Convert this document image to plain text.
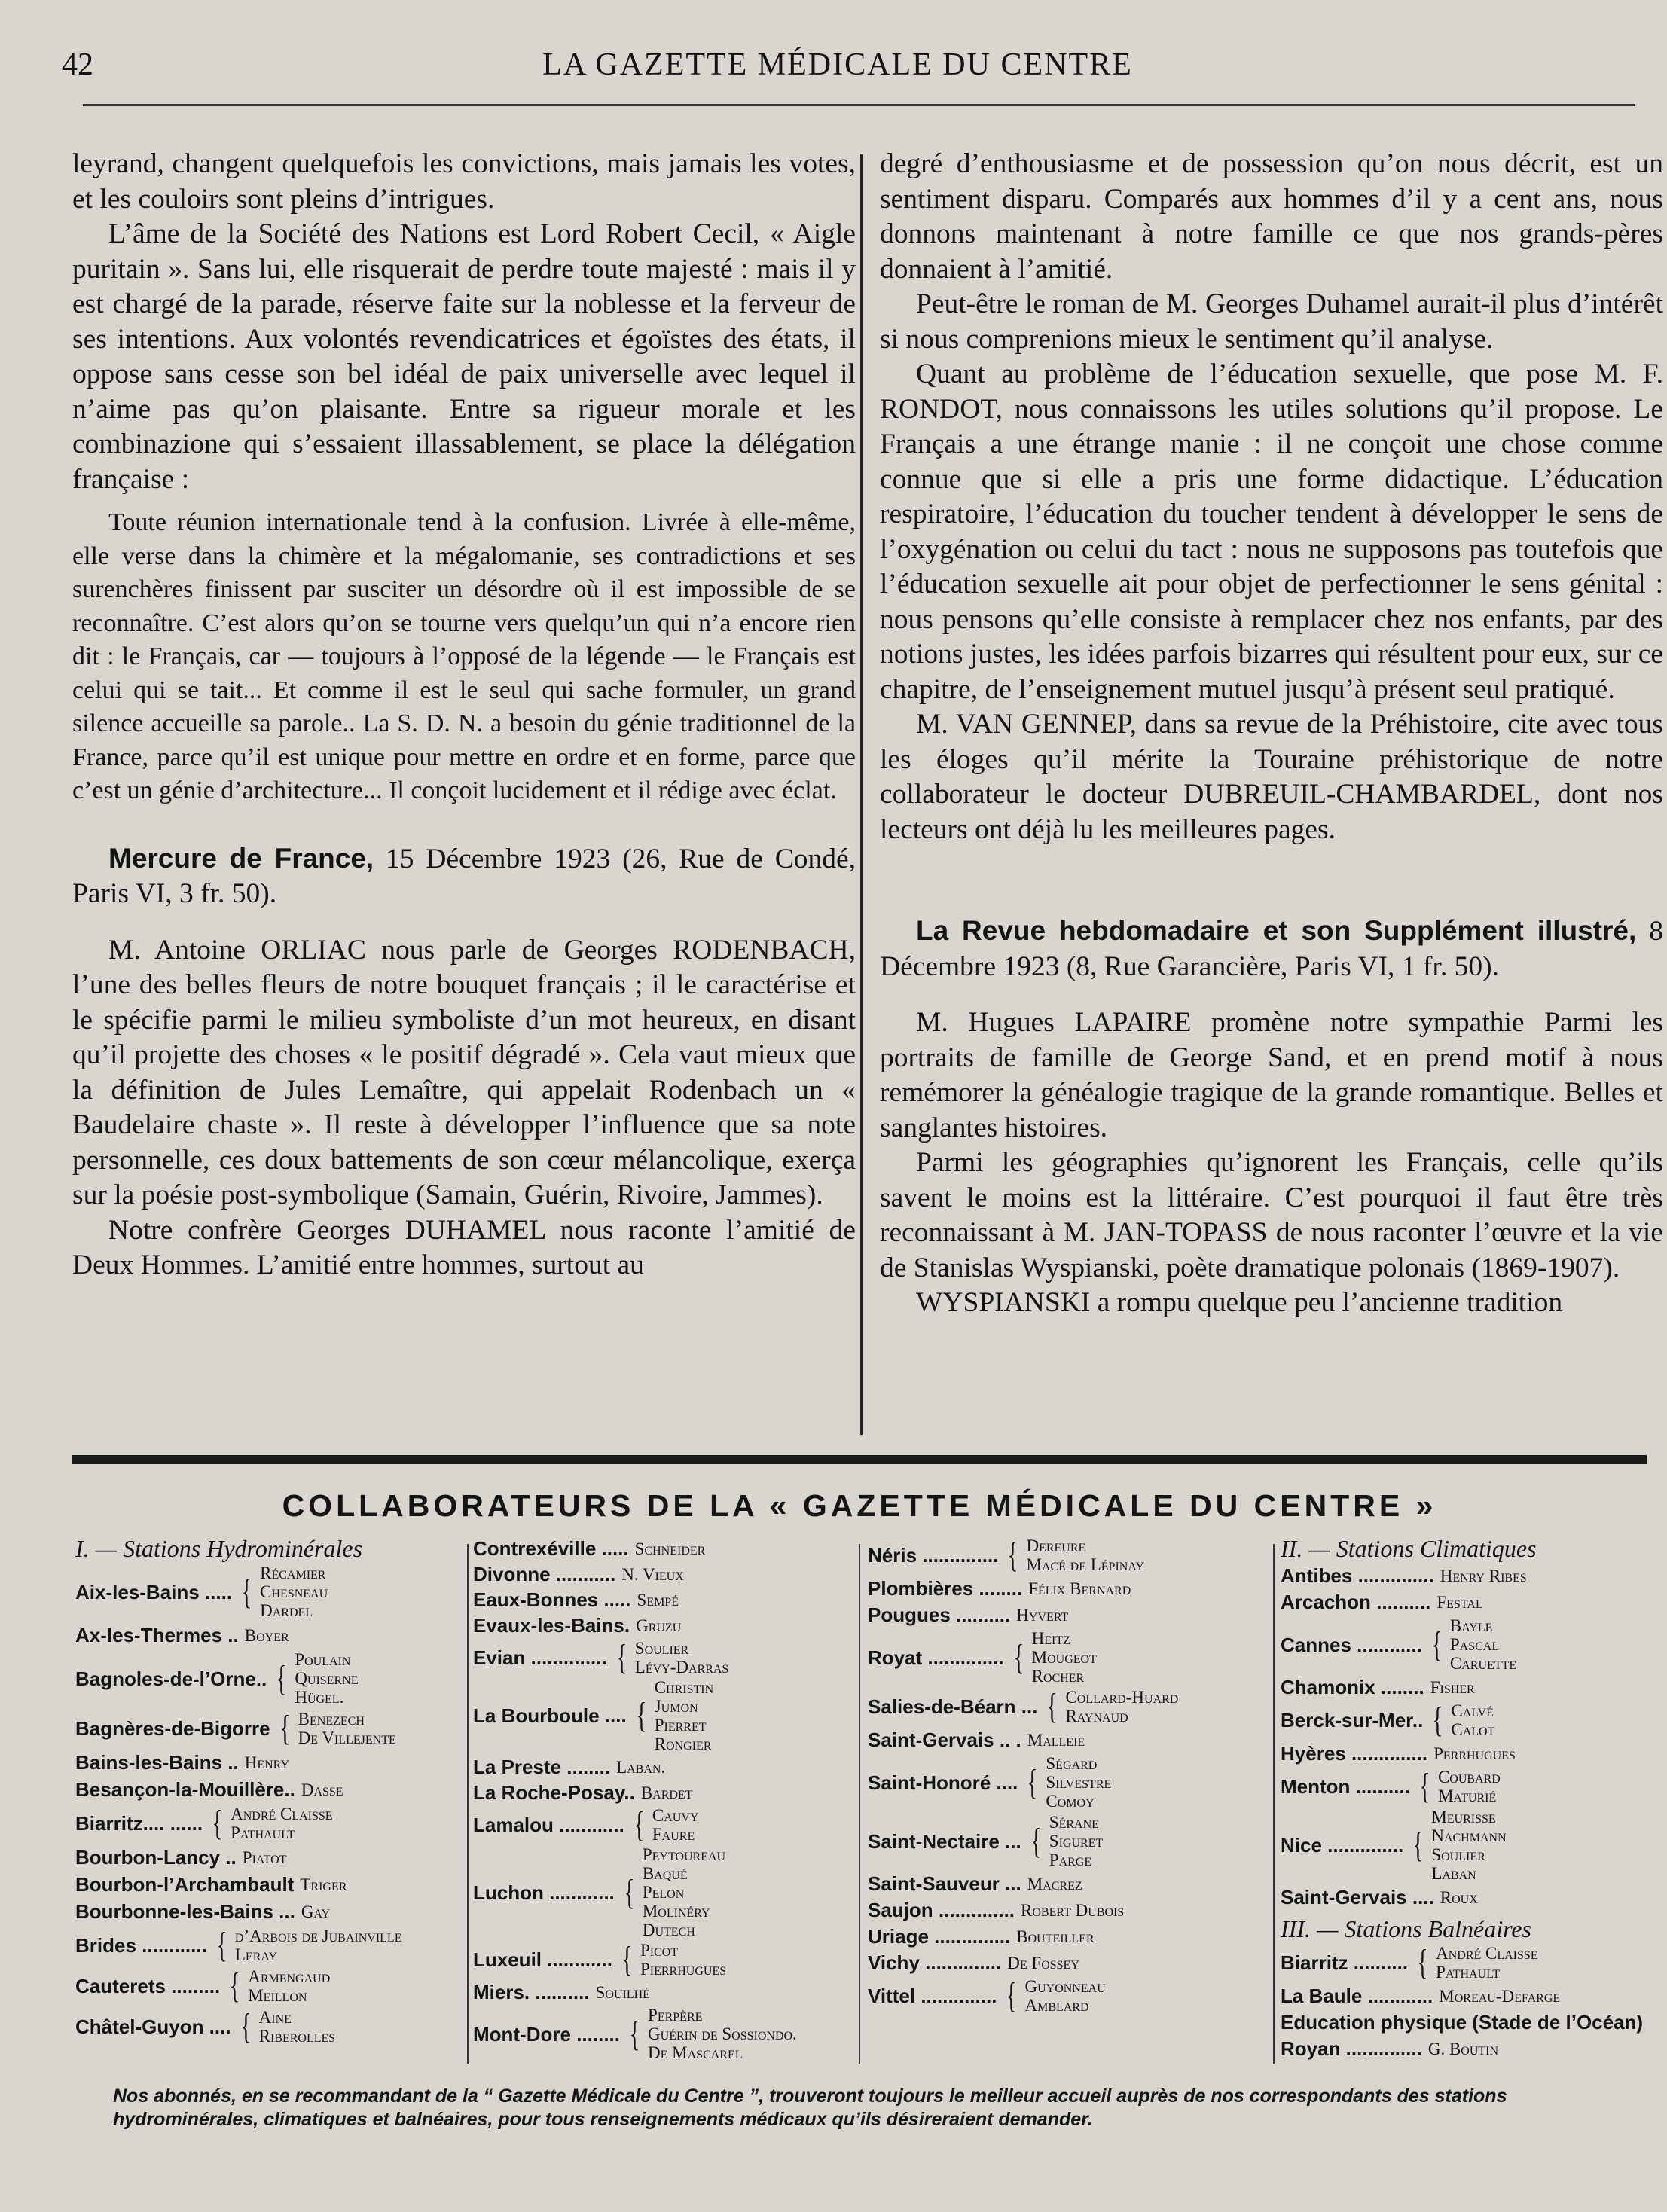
42	LA GAZETTE MÉDICALE DU CENTRE

leyrand, changent quelquefois les convictions, mais jamais les votes, et les couloirs sont pleins d’intrigues.

L’âme de la Société des Nations est Lord Robert Cecil, « Aigle puritain ». Sans lui, elle risquerait de perdre toute majesté : mais il y est chargé de la parade, réserve faite sur la noblesse et la ferveur de ses intentions. Aux volontés revendicatrices et égoïstes des états, il oppose sans cesse son bel idéal de paix universelle avec lequel il n’aime pas qu’on plaisante. Entre sa rigueur morale et les combinazione qui s’essaient illassablement, se place la délégation française :

Toute réunion internationale tend à la confusion. Livrée à elle-même, elle verse dans la chimère et la mégalomanie, ses contradictions et ses surenchères finissent par susciter un désordre où il est impossible de se reconnaître. C’est alors qu’on se tourne vers quelqu’un qui n’a encore rien dit : le Français, car — toujours à l’opposé de la légende — le Français est celui qui se tait... Et comme il est le seul qui sache formuler, un grand silence accueille sa parole.. La S. D. N. a besoin du génie traditionnel de la France, parce qu’il est unique pour mettre en ordre et en forme, parce que c’est un génie d’architecture... Il conçoit lucidement et il rédige avec éclat.

Mercure de France, 15 Décembre 1923 (26, Rue de Condé, Paris VI, 3 fr. 50).

M. Antoine ORLIAC nous parle de Georges RODENBACH, l’une des belles fleurs de notre bouquet français ; il le caractérise et le spécifie parmi le milieu symboliste d’un mot heureux, en disant qu’il projette des choses « le positif dégradé ». Cela vaut mieux que la définition de Jules Lemaître, qui appelait Rodenbach un « Baudelaire chaste ». Il reste à développer l’influence que sa note personnelle, ces doux battements de son cœur mélancolique, exerça sur la poésie post-symbolique (Samain, Guérin, Rivoire, Jammes).

Notre confrère Georges DUHAMEL nous raconte l’amitié de Deux Hommes. L’amitié entre hommes, surtout au

degré d’enthousiasme et de possession qu’on nous décrit, est un sentiment disparu. Comparés aux hommes d’il y a cent ans, nous donnons maintenant à notre famille ce que nos grands-pères donnaient à l’amitié.

Peut-être le roman de M. Georges Duhamel aurait-il plus d’intérêt si nous comprenions mieux le sentiment qu’il analyse.

Quant au problème de l’éducation sexuelle, que pose M. F. RONDOT, nous connaissons les utiles solutions qu’il propose. Le Français a une étrange manie : il ne conçoit une chose comme connue que si elle a pris une forme didactique. L’éducation respiratoire, l’éducation du toucher tendent à développer le sens de l’oxygénation ou celui du tact : nous ne supposons pas toutefois que l’éducation sexuelle ait pour objet de perfectionner le sens génital : nous pensons qu’elle consiste à remplacer chez nos enfants, par des notions justes, les idées parfois bizarres qui résultent pour eux, sur ce chapitre, de l’enseignement mutuel jusqu’à présent seul pratiqué.

M. VAN GENNEP, dans sa revue de la Préhistoire, cite avec tous les éloges qu’il mérite la Touraine préhistorique de notre collaborateur le docteur DUBREUIL-CHAMBARDEL, dont nos lecteurs ont déjà lu les meilleures pages.

La Revue hebdomadaire et son Supplément illustré, 8 Décembre 1923 (8, Rue Garancière, Paris VI, 1 fr. 50).

M. Hugues LAPAIRE promène notre sympathie Parmi les portraits de famille de George Sand, et en prend motif à nous remémorer la généalogie tragique de la grande romantique. Belles et sanglantes histoires.

Parmi les géographies qu’ignorent les Français, celle qu’ils savent le moins est la littéraire. C’est pourquoi il faut être très reconnaissant à M. JAN-TOPASS de nous raconter l’œuvre et la vie de Stanislas Wyspianski, poète dramatique polonais (1869-1907).

WYSPIANSKI a rompu quelque peu l’ancienne tradition

COLLABORATEURS DE LA « GAZETTE MÉDICALE DU CENTRE »
I. — Stations Hydrominérales
Aix-les-Bains ..... { Récamier
Chesneau
Dardel
Ax-les-Thermes .. Boyer
Bagnoles-de-l’Orne.. { Poulain
Quiserne
Hügel.
Bagnères-de-Bigorre { Benezech
De Villejente
Bains-les-Bains .. Henry
Besançon-la-Mouillère.. Dasse
Biarritz.... ...... { André Claisse
Pathault
Bourbon-Lancy .. Piatot
Bourbon-l’Archambault Triger
Bourbonne-les-Bains ... Gay
Brides ............ { d’Arbois de Jubainville
Leray
Cauterets ......... { Armengaud
Meillon
Châtel-Guyon .... { Aine
Riberolles
Contrexéville ..... Schneider
Divonne ........... N. Vieux
Eaux-Bonnes ..... Sempé
Evaux-les-Bains. Gruzu
Evian .............. { Soulier
Lévy-Darras
La Bourboule .... {
Christin
Jumon
Pierret
Rongier
La Preste ........ Laban.
La Roche-Posay.. Bardet
Lamalou ............ { Cauvy
Faure
Luchon ............ {
Peytoureau
Baqué
Pelon
Molinéry
Dutech
Luxeuil ............ { Picot
Pierrhugues
Miers. .......... Souilhé
Mont-Dore ........ { Perpère
Guérin de Sossiondo.
De Mascarel
Néris .............. { Dereure
Macé de Lépinay
Plombières ........ Félix Bernard
Pougues .......... Hyvert
Royat .............. { Heitz
Mougeot
Rocher
Salies-de-Béarn ... { Collard-Huard
Raynaud
Saint-Gervais .. . Malleie
Saint-Honoré .... { Ségard
Silvestre
Comoy
Saint-Nectaire ... { Sérane
Siguret
Parge
Saint-Sauveur ... Macrez
Saujon .............. Robert Dubois
Uriage .............. Bouteiller
Vichy .............. De Fossey
Vittel .............. { Guyonneau
Amblard
II. — Stations Climatiques
Antibes .............. Henry Ribes
Arcachon .......... Festal
Cannes ............ { Bayle
Pascal
Caruette
Chamonix ........ Fisher
Berck-sur-Mer.. { Calvé
Calot
Hyères .............. Perrhugues
Menton .......... { Coubard
Maturié
Nice .............. {
Meurisse
Nachmann
Soulier
Laban
Saint-Gervais .... Roux
III. — Stations Balnéaires
Biarritz .......... { André Claisse
Pathault
La Baule ............ Moreau-Defarge
Education physique (Stade de l’Océan)
Royan .............. G. Boutin
Nos abonnés, en se recommandant de la “ Gazette Médicale du Centre ”, trouveront toujours le meilleur accueil auprès de nos correspondants des stations hydrominérales, climatiques et balnéaires, pour tous renseignements médicaux qu’ils désireraient demander.
